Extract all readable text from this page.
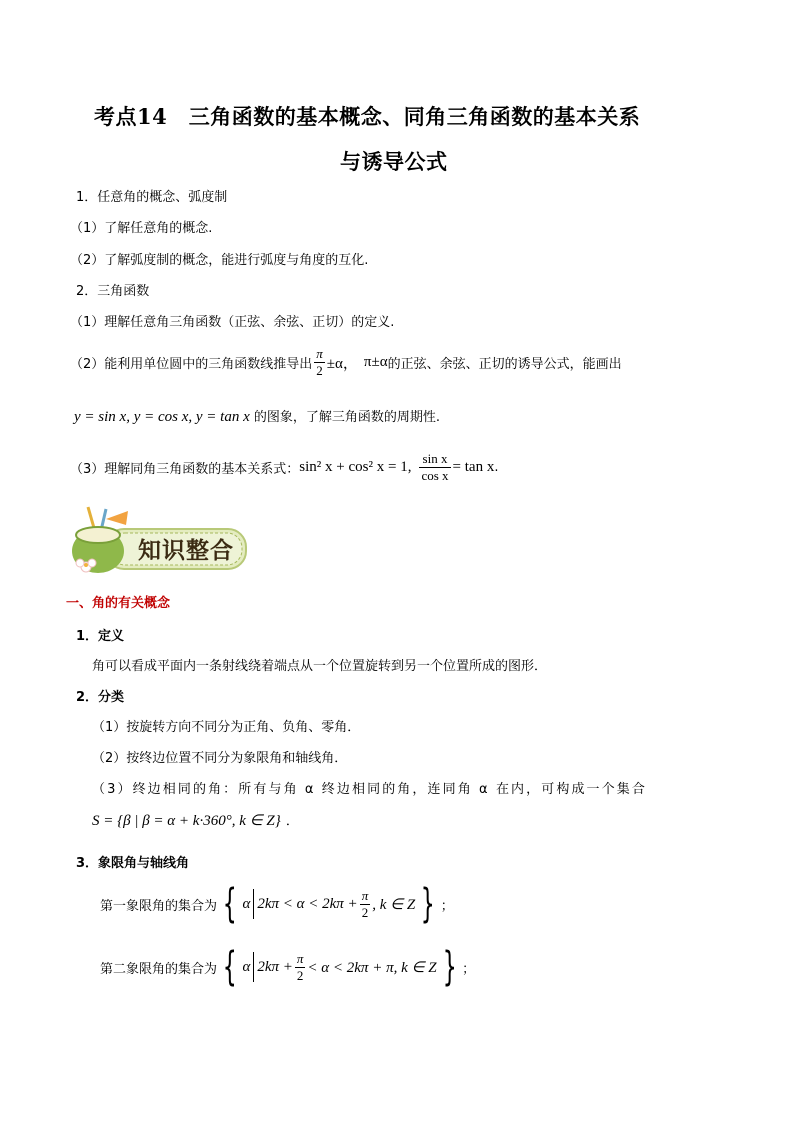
考点14　三角函数的基本概念、同角三角函数的基本关系
与诱导公式
1．任意角的概念、弧度制
（1）了解任意角的概念.
（2）了解弧度制的概念，能进行弧度与角度的互化.
2．三角函数
（1）理解任意角三角函数（正弦、余弦、正切）的定义.
（2）能利用单位圆中的三角函数线推导出 $\frac{\pi}{2} \pm\alpha$， π±α 的正弦、余弦、正切的诱导公式，能画出
y = sin x, y = cos x, y = tan x 的图象，了解三角函数的周期性.
（3）理解同角三角函数的基本关系式： sin² x + cos² x = 1, $\frac{\text{sin x}}{\text{cos x}} = \tan x$ .
知识整合
一、角的有关概念
1．定义
角可以看成平面内一条射线绕着端点从一个位置旋转到另一个位置所成的图形．
2．分类
（1）按旋转方向不同分为正角、负角、零角．
（2）按终边位置不同分为象限角和轴线角．
（3）终边相同的角：所有与角 α 终边相同的角，连同角 α 在内，可构成一个集合
S = {β | β = α + k·360°, k ∈ Z} ．
3．象限角与轴线角
第一象限角的集合为 { α $2k\pi < \alpha < 2k\pi + \frac{\pi}{2}$ , k ∈ Z } ；
第二象限角的集合为 { α $2k\pi + \frac{\pi}{2} < \alpha < 2k\pi + \pi$, k ∈ Z } ；
